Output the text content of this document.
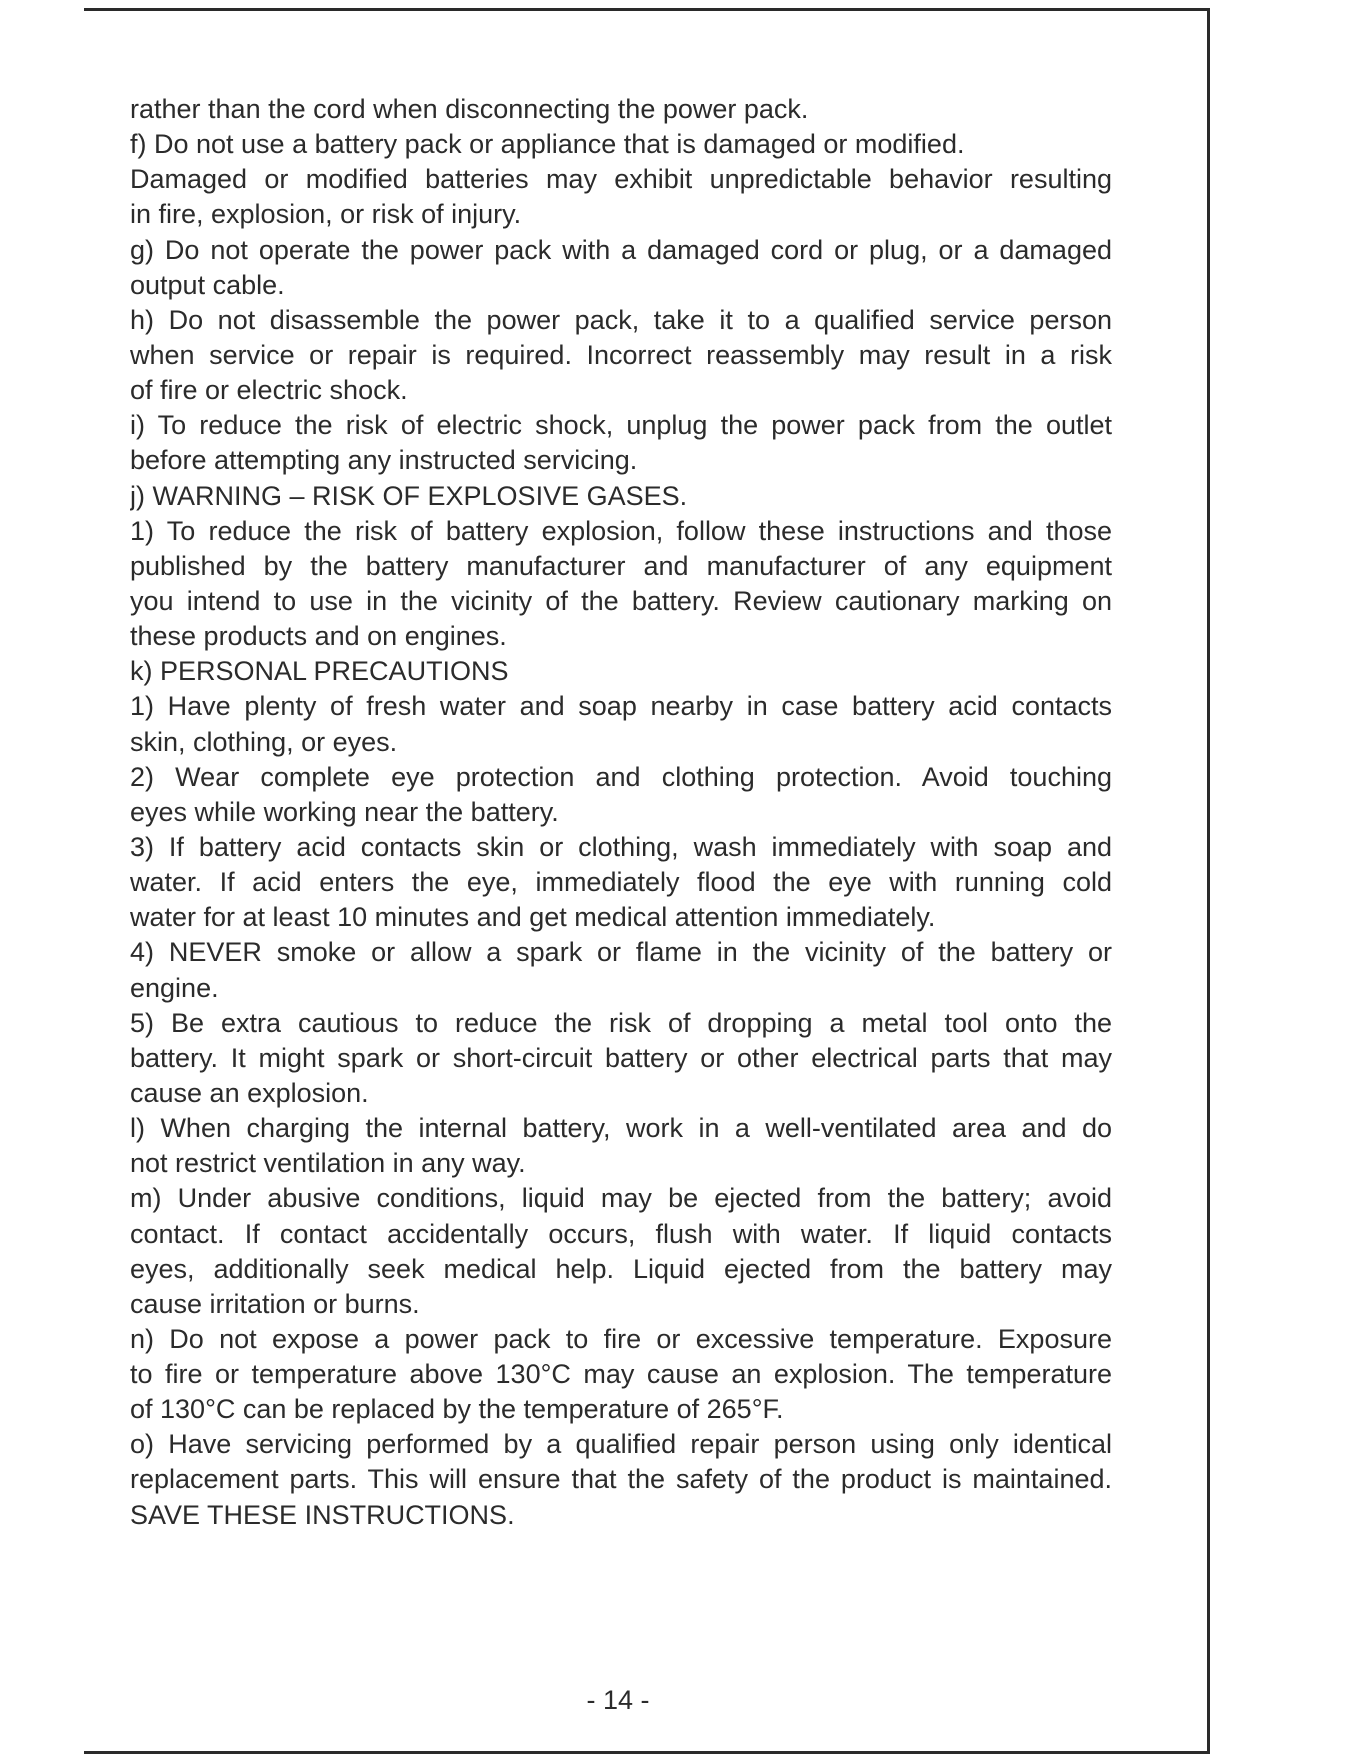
rather than the cord when disconnecting the power pack.
f) Do not use a battery pack or appliance that is damaged or modified.
Damaged or modified batteries may exhibit unpredictable behavior resulting
in fire, explosion, or risk of injury.
g) Do not operate the power pack with a damaged cord or plug, or a damaged
output cable.
h) Do not disassemble the power pack, take it to a qualified service person
when service or repair is required. Incorrect reassembly may result in a risk
of fire or electric shock.
i) To reduce the risk of electric shock, unplug the power pack from the outlet
before attempting any instructed servicing.
j) WARNING – RISK OF EXPLOSIVE GASES.
1) To reduce the risk of battery explosion, follow these instructions and those
published by the battery manufacturer and manufacturer of any equipment
you intend to use in the vicinity of the battery. Review cautionary marking on
these products and on engines.
k) PERSONAL PRECAUTIONS
1) Have plenty of fresh water and soap nearby in case battery acid contacts
skin, clothing, or eyes.
2) Wear complete eye protection and clothing protection. Avoid touching
eyes while working near the battery.
3) If battery acid contacts skin or clothing, wash immediately with soap and
water. If acid enters the eye, immediately flood the eye with running cold
water for at least 10 minutes and get medical attention immediately.
4) NEVER smoke or allow a spark or flame in the vicinity of the battery or
engine.
5) Be extra cautious to reduce the risk of dropping a metal tool onto the
battery. It might spark or short-circuit battery or other electrical parts that may
cause an explosion.
l) When charging the internal battery, work in a well-ventilated area and do
not restrict ventilation in any way.
m) Under abusive conditions, liquid may be ejected from the battery; avoid
contact. If contact accidentally occurs, flush with water. If liquid contacts
eyes, additionally seek medical help. Liquid ejected from the battery may
cause irritation or burns.
n) Do not expose a power pack to fire or excessive temperature. Exposure
to fire or temperature above 130°C may cause an explosion. The temperature
of 130°C can be replaced by the temperature of 265°F.
o) Have servicing performed by a qualified repair person using only identical
replacement parts. This will ensure that the safety of the product is maintained.
SAVE THESE INSTRUCTIONS.
- 14 -
